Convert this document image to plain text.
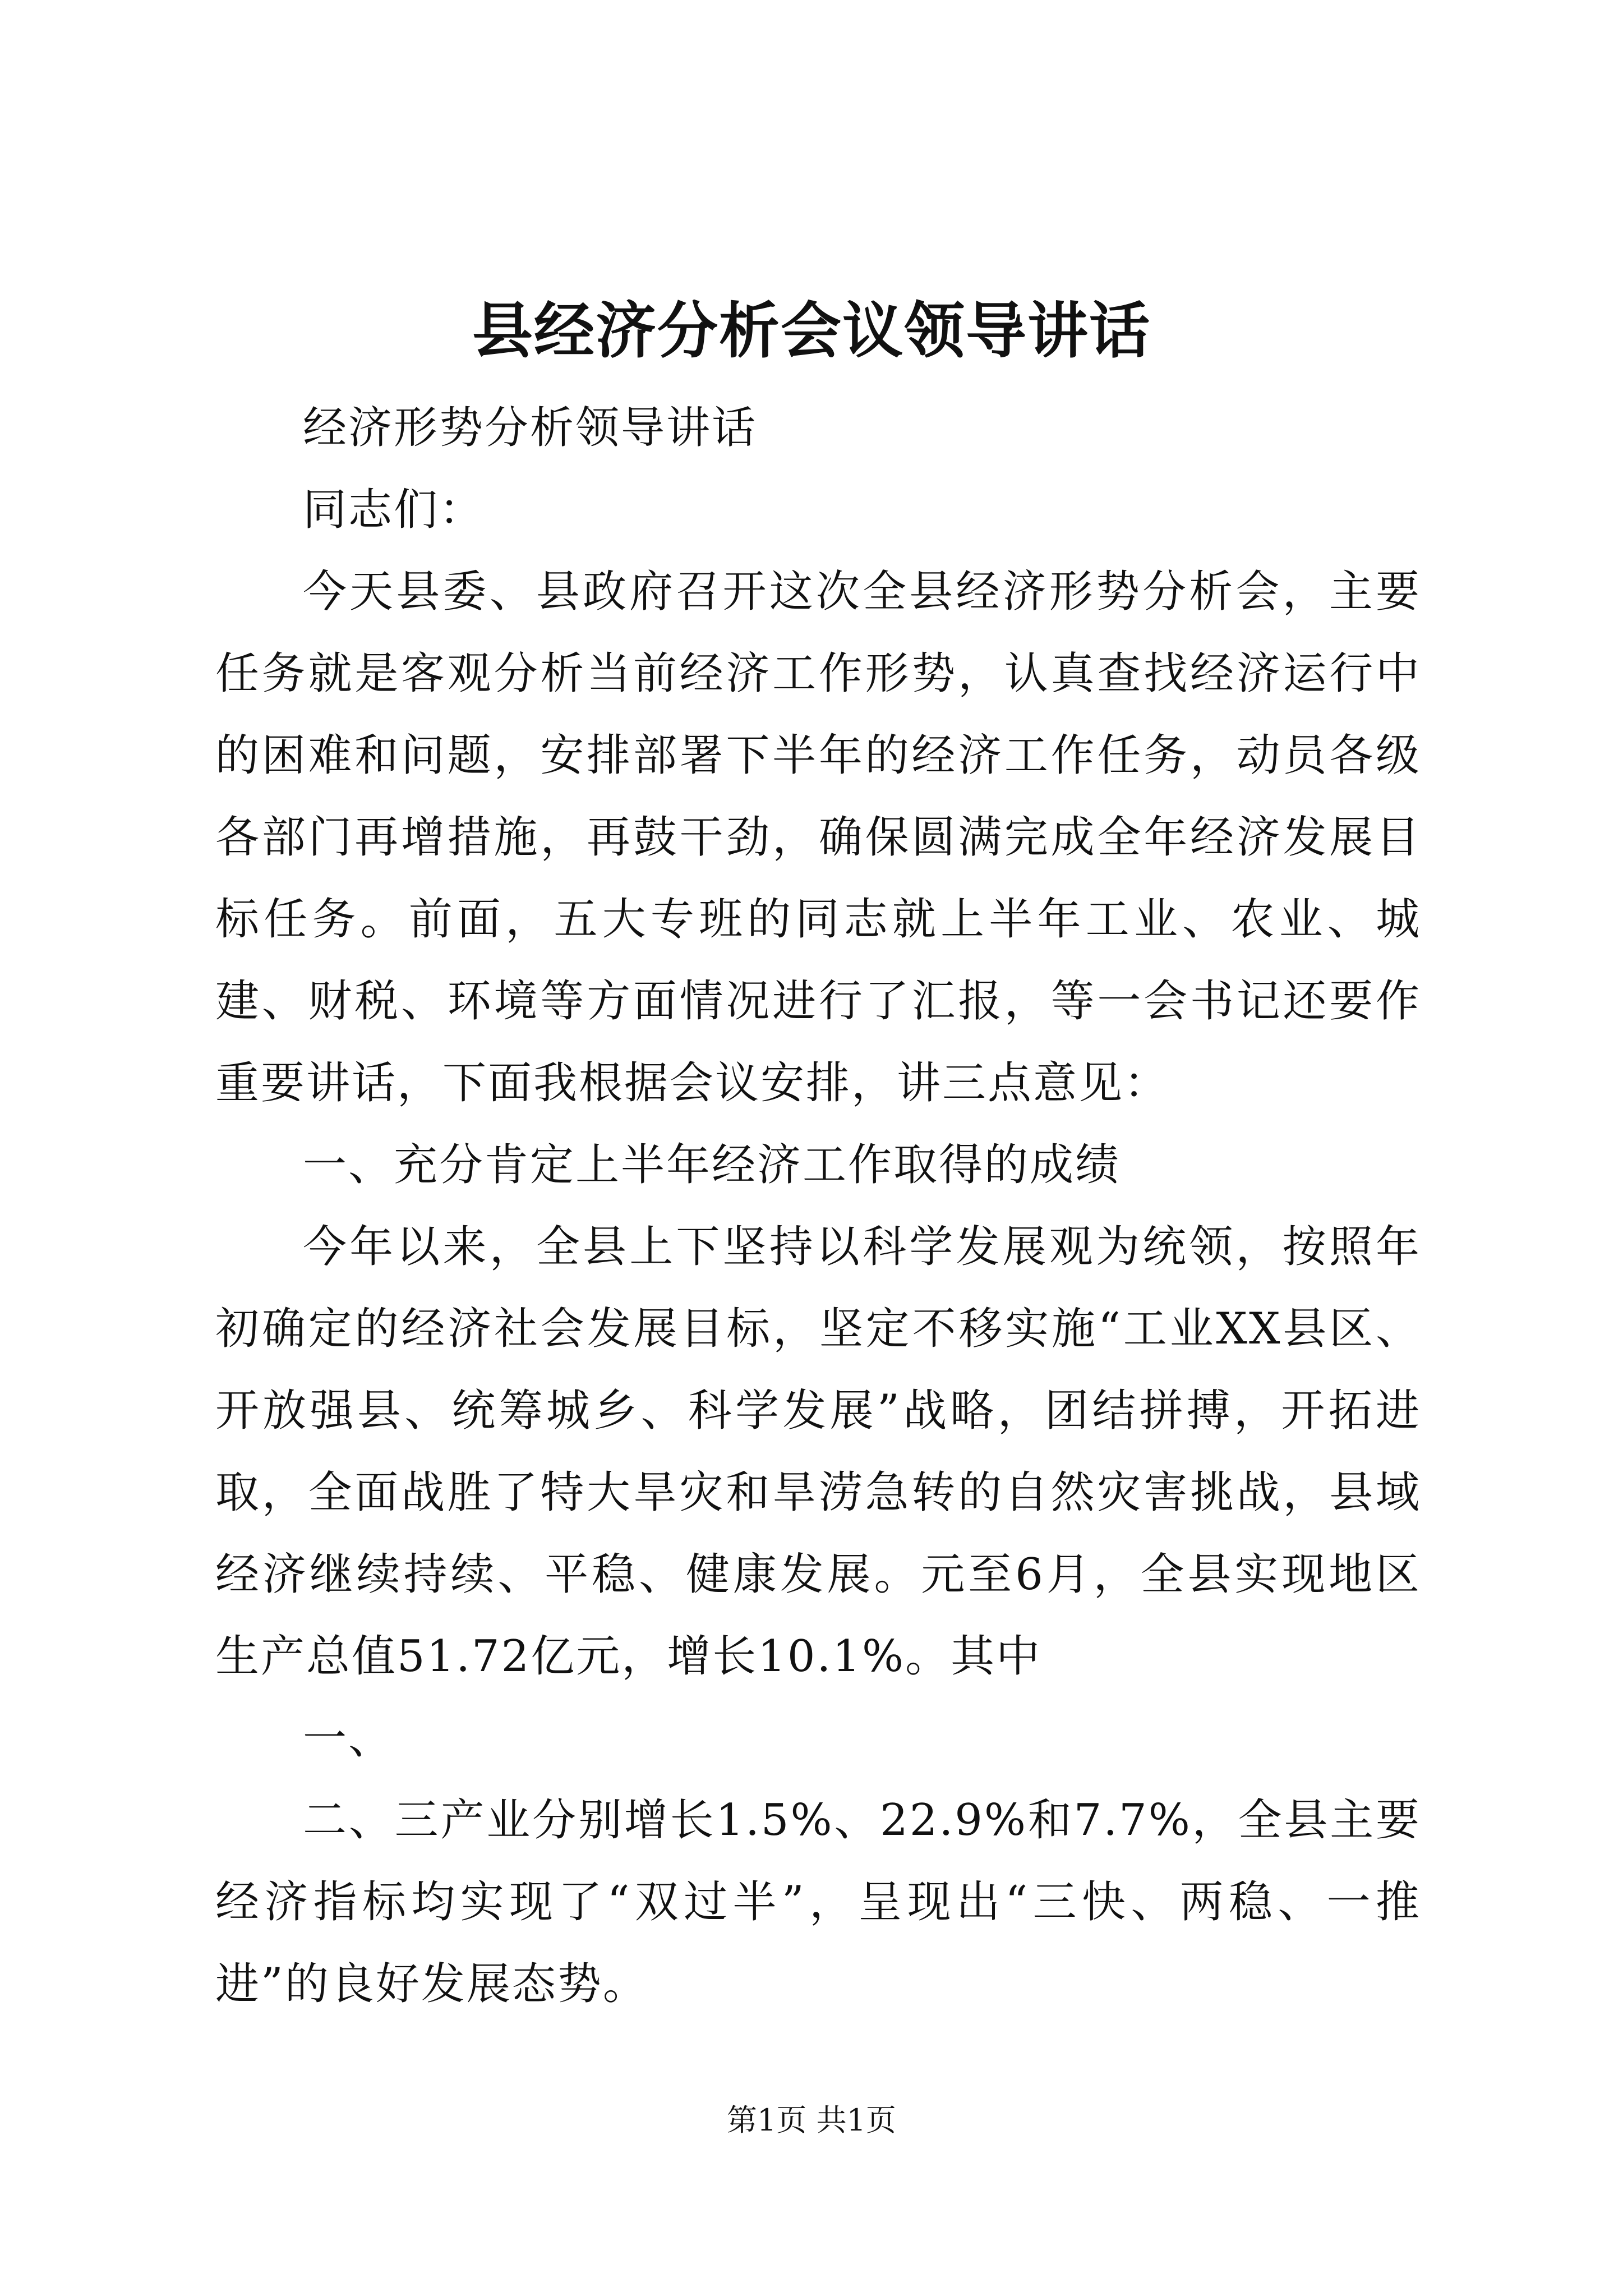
县经济分析会议领导讲话

经济形势分析领导讲话

同志们：

今天县委、县政府召开这次全县经济形势分析会，主要任务就是客观分析当前经济工作形势，认真查找经济运行中的困难和问题，安排部署下半年的经济工作任务，动员各级各部门再增措施，再鼓干劲，确保圆满完成全年经济发展目标任务。前面，五大专班的同志就上半年工业、农业、城建、财税、环境等方面情况进行了汇报，等一会书记还要作重要讲话，下面我根据会议安排，讲三点意见：

一、充分肯定上半年经济工作取得的成绩

今年以来，全县上下坚持以科学发展观为统领，按照年初确定的经济社会发展目标，坚定不移实施“工业XX县区、开放强县、统筹城乡、科学发展”战略，团结拼搏，开拓进取，全面战胜了特大旱灾和旱涝急转的自然灾害挑战，县域经济继续持续、平稳、健康发展。元至6月，全县实现地区生产总值51.72亿元，增长10.1%。其中

一、

二、三产业分别增长1.5%、22.9%和7.7%，全县主要经济指标均实现了“双过半”，呈现出“三快、两稳、一推进”的良好发展态势。

第1页 共1页
